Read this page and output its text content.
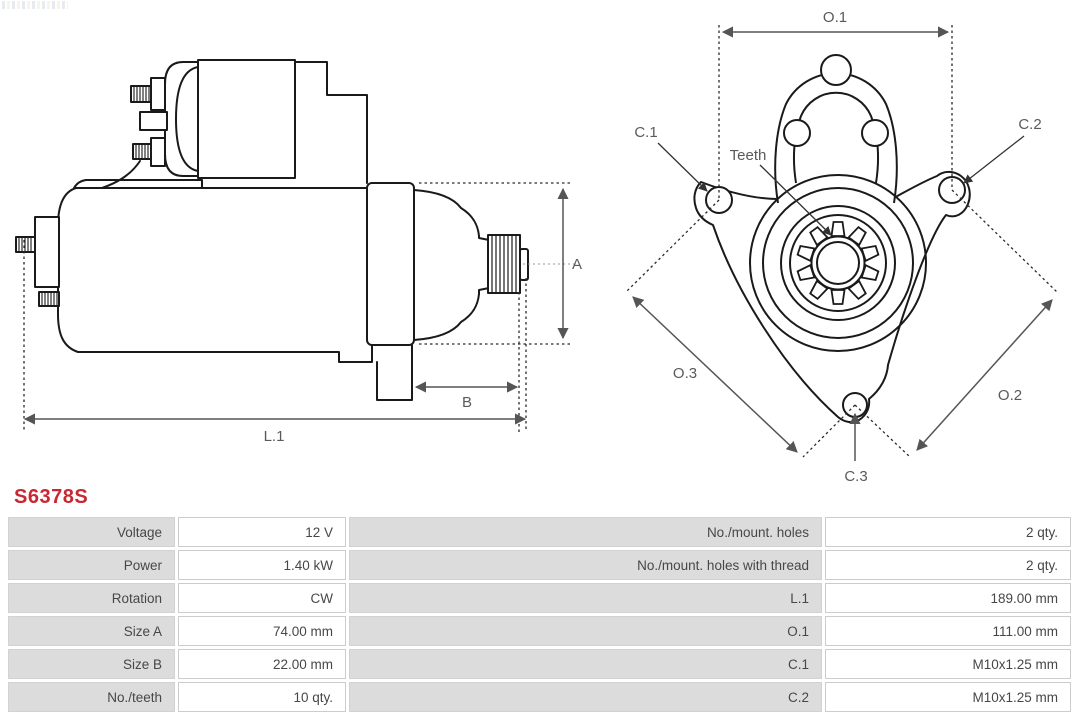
A
B
L.1
O.1
O.3
O.2
C.1	C.2
C.3
Teeth
S6378S
Voltage	12 V	No./mount. holes	2 qty.
Power	1.40 kW	No./mount. holes with thread	2 qty.
Rotation	CW	L.1	189.00 mm
Size A	74.00 mm	O.1	111.00 mm
Size B	22.00 mm	C.1	M10x1.25 mm
No./teeth	10 qty.	C.2	M10x1.25 mm
